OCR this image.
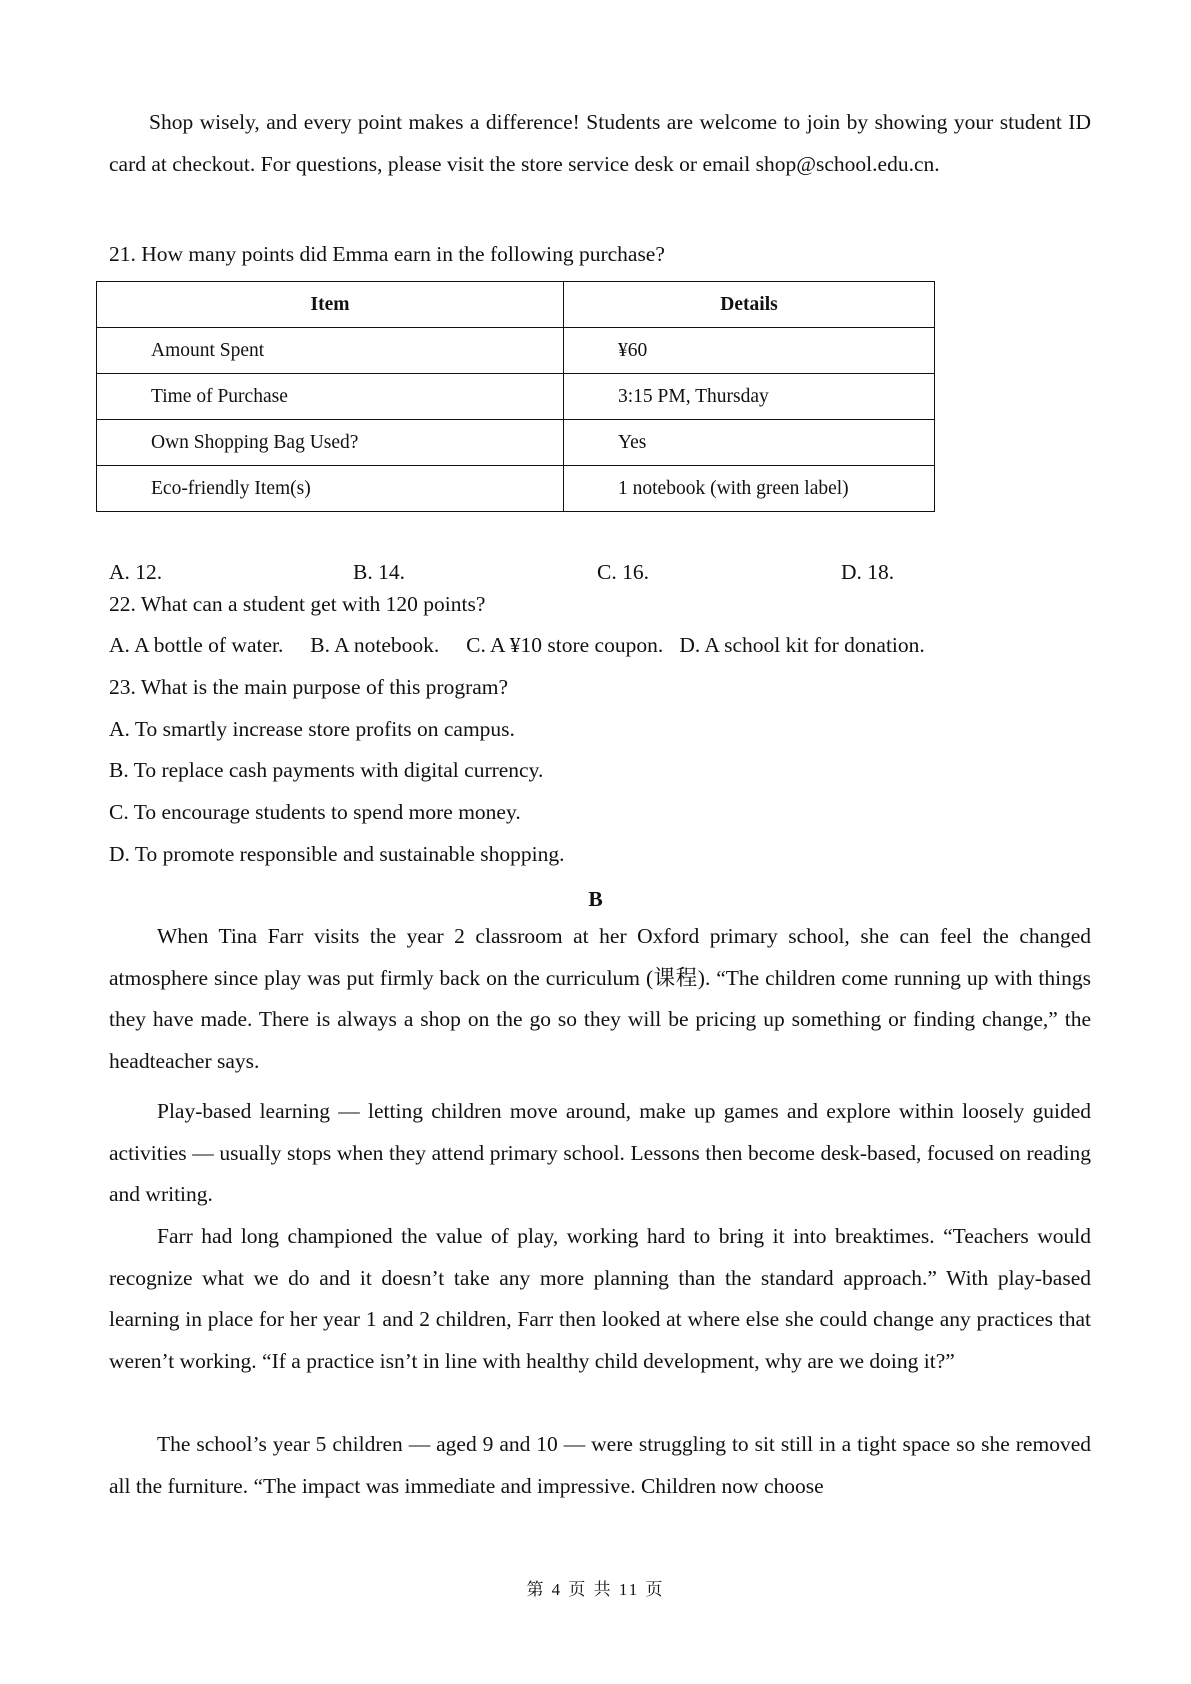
Shop wisely, and every point makes a difference! Students are welcome to join by showing your student ID card at checkout. For questions, please visit the store service desk or email shop@school.edu.cn.

21. How many points did Emma earn in the following purchase?

Item	Details
Amount Spent	¥60
Time of Purchase	3:15 PM, Thursday
Own Shopping Bag Used?	Yes
Eco-friendly Item(s)	1 notebook (with green label)
A. 12.	B. 14.	C. 16.	D. 18.

22. What can a student get with 120 points?

A. A bottle of water.     B. A notebook.     C. A ¥10 store coupon.   D. A school kit for donation.

23. What is the main purpose of this program?

A. To smartly increase store profits on campus.

B. To replace cash payments with digital currency.

C. To encourage students to spend more money.

D. To promote responsible and sustainable shopping.

B

When Tina Farr visits the year 2 classroom at her Oxford primary school, she can feel the changed atmosphere since play was put firmly back on the curriculum (课程). “The children come running up with things they have made. There is always a shop on the go so they will be pricing up something or finding change,” the headteacher says.

Play-based learning — letting children move around, make up games and explore within loosely guided activities — usually stops when they attend primary school. Lessons then become desk-based, focused on reading and writing.

Farr had long championed the value of play, working hard to bring it into breaktimes. “Teachers would recognize what we do and it doesn’t take any more planning than the standard approach.” With play-based learning in place for her year 1 and 2 children, Farr then looked at where else she could change any practices that weren’t working. “If a practice isn’t in line with healthy child development, why are we doing it?”

The school’s year 5 children — aged 9 and 10 — were struggling to sit still in a tight space so she removed all the furniture. “The impact was immediate and impressive. Children now choose

第 4 页 共 11 页
